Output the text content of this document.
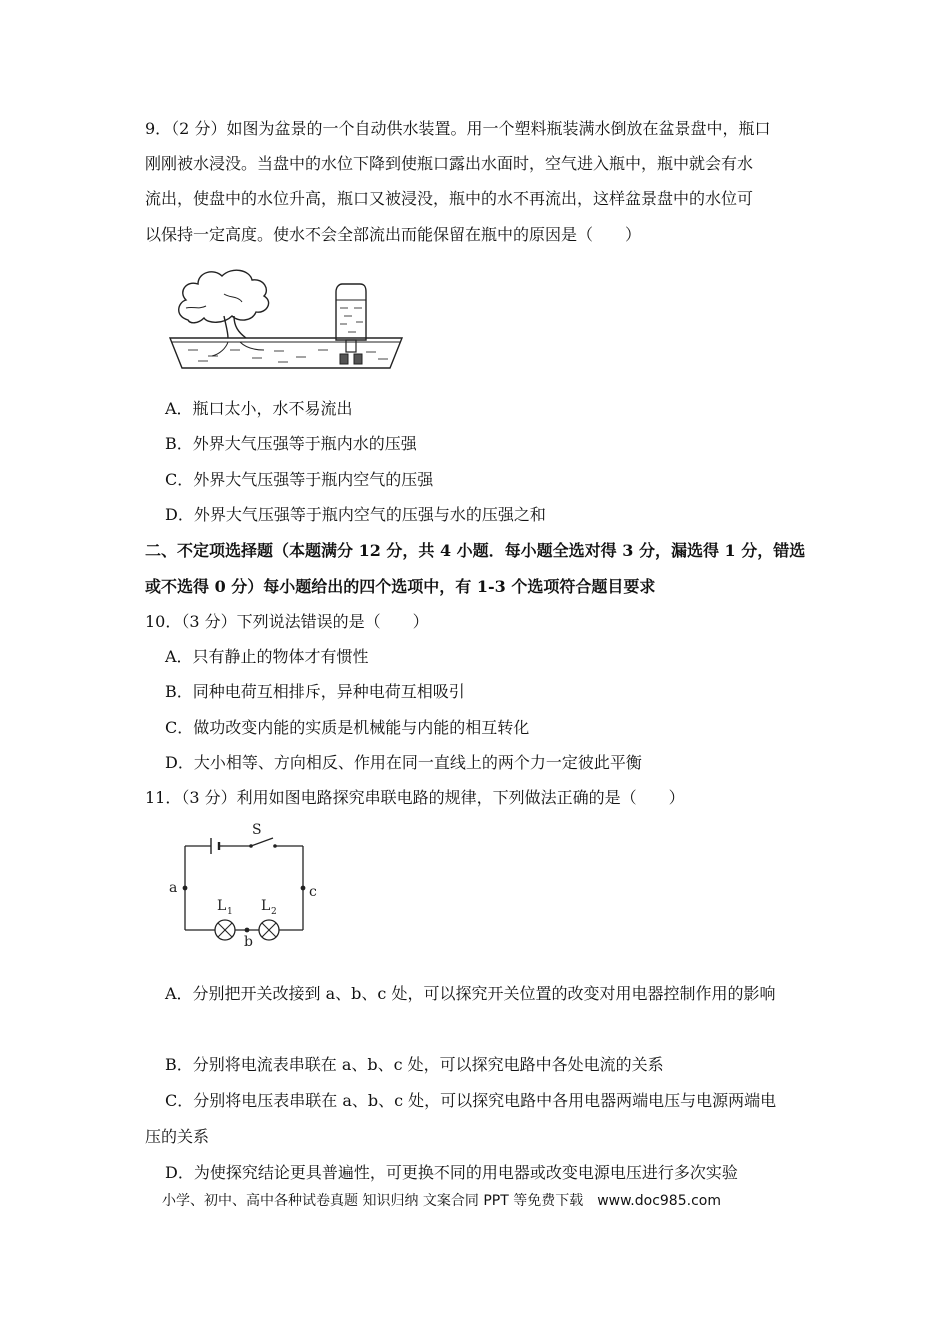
9．（2 分）如图为盆景的一个自动供水装置。用一个塑料瓶装满水倒放在盆景盘中，瓶口
刚刚被水浸没。当盘中的水位下降到使瓶口露出水面时，空气进入瓶中，瓶中就会有水
流出，使盘中的水位升高，瓶口又被浸没，瓶中的水不再流出，这样盆景盘中的水位可
以保持一定高度。使水不会全部流出而能保留在瓶中的原因是（　　）
A．瓶口太小，水不易流出
B．外界大气压强等于瓶内水的压强
C．外界大气压强等于瓶内空气的压强
D．外界大气压强等于瓶内空气的压强与水的压强之和
二、不定项选择题（本题满分 12 分，共 4 小题．每小题全选对得 3 分，漏选得 1 分，错选
或不选得 0 分）每小题给出的四个选项中，有 1-3 个选项符合题目要求
10．（3 分）下列说法错误的是（　　）
A．只有静止的物体才有惯性
B．同种电荷互相排斥，异种电荷互相吸引
C．做功改变内能的实质是机械能与内能的相互转化
D．大小相等、方向相反、作用在同一直线上的两个力一定彼此平衡
11．（3 分）利用如图电路探究串联电路的规律，下列做法正确的是（　　）
S
a	c
b
L 1 L 2
A．分别把开关改接到 a、b、c 处，可以探究开关位置的改变对用电器控制作用的影响
B．分别将电流表串联在 a、b、c 处，可以探究电路中各处电流的关系
C．分别将电压表串联在 a、b、c 处，可以探究电路中各用电器两端电压与电源两端电
压的关系
D．为使探究结论更具普遍性，可更换不同的用电器或改变电源电压进行多次实验
小学、初中、高中各种试卷真题 知识归纳 文案合同 PPT 等免费下载　www.doc985.com
